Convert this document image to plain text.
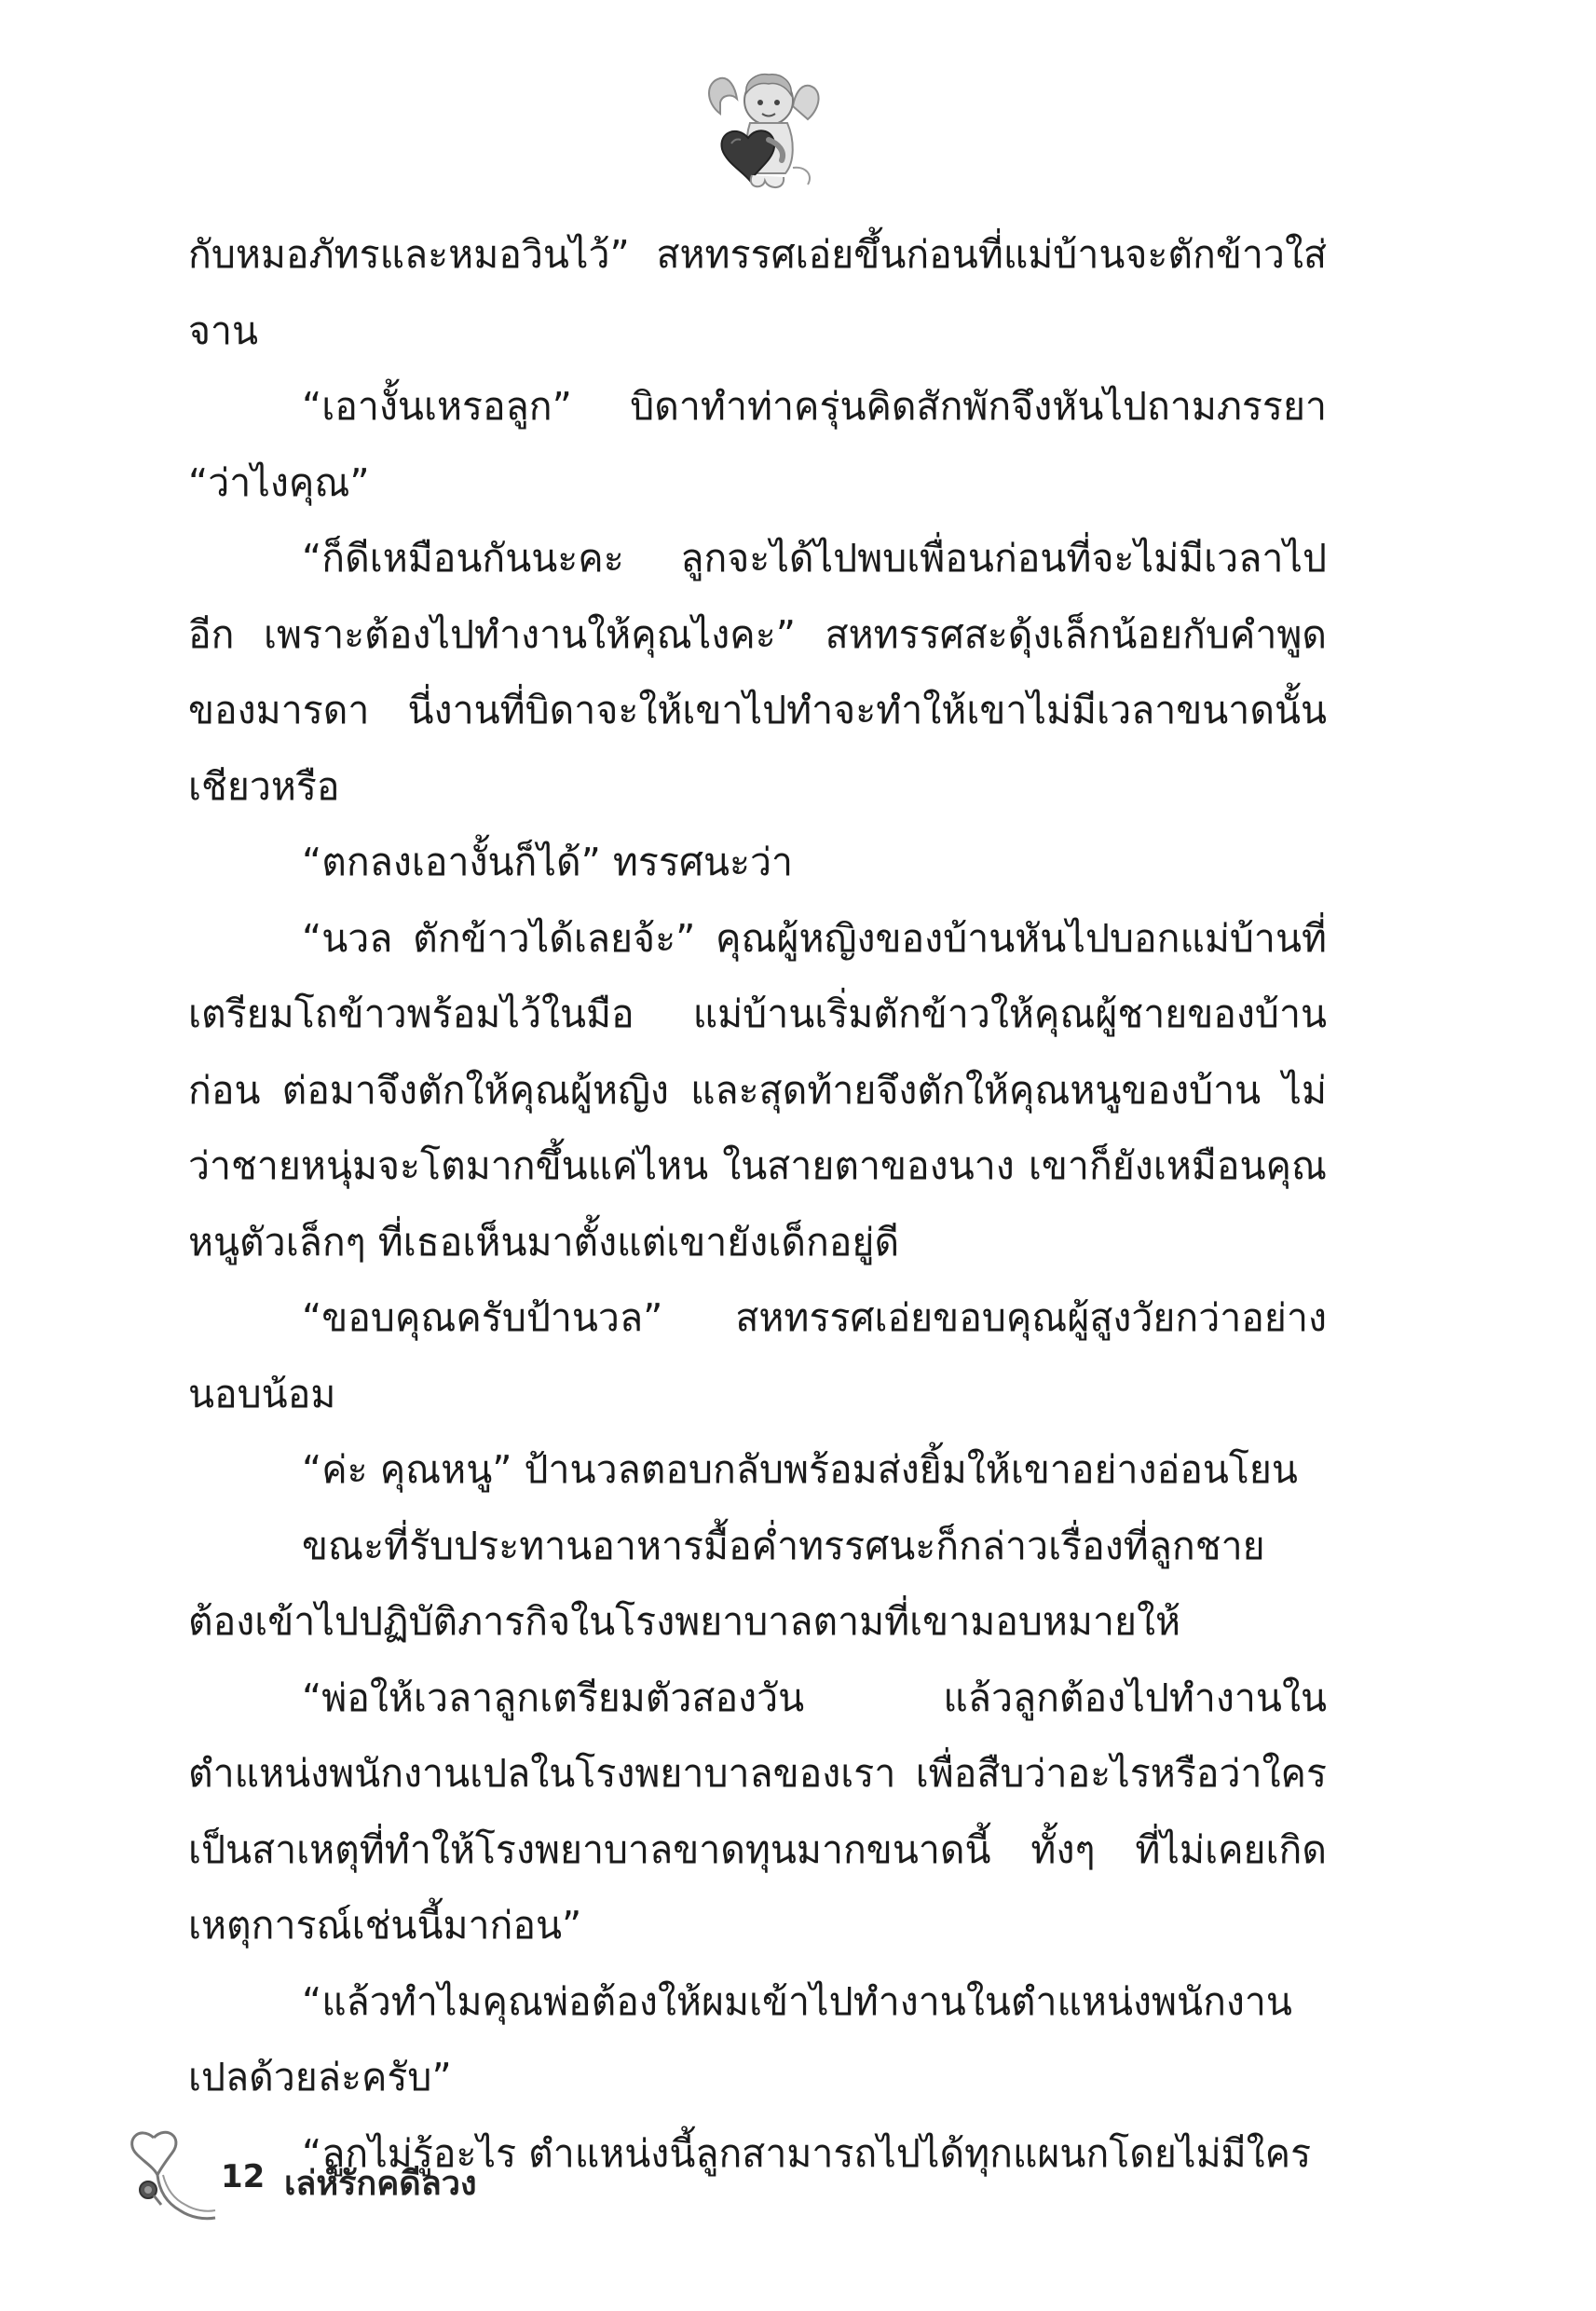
กับหมอภัทรและหมอวินไว้” สหทรรศเอ่ยขึ้นก่อนที่แม่บ้านจะตักข้าวใส่จาน

“เอางั้นเหรอลูก” บิดาทำท่าครุ่นคิดสักพักจึงหันไปถามภรรยา “ว่าไงคุณ”

“ก็ดีเหมือนกันนะคะ ลูกจะได้ไปพบเพื่อนก่อนที่จะไม่มีเวลาไปอีก เพราะต้องไปทำงานให้คุณไงคะ” สหทรรศสะดุ้งเล็กน้อยกับคำพูดของมารดา นี่งานที่บิดาจะให้เขาไปทำจะทำให้เขาไม่มีเวลาขนาดนั้นเชียวหรือ

“ตกลงเอางั้นก็ได้” ทรรศนะว่า

“นวล ตักข้าวได้เลยจ้ะ” คุณผู้หญิงของบ้านหันไปบอกแม่บ้านที่เตรียมโถข้าวพร้อมไว้ในมือ แม่บ้านเริ่มตักข้าวให้คุณผู้ชายของบ้านก่อน ต่อมาจึงตักให้คุณผู้หญิง และสุดท้ายจึงตักให้คุณหนูของบ้าน ไม่ว่าชายหนุ่มจะโตมากขึ้นแค่ไหน ในสายตาของนาง เขาก็ยังเหมือนคุณหนูตัวเล็กๆ ที่เธอเห็นมาตั้งแต่เขายังเด็กอยู่ดี

“ขอบคุณครับป้านวล” สหทรรศเอ่ยขอบคุณผู้สูงวัยกว่าอย่างนอบน้อม

“ค่ะ คุณหนู” ป้านวลตอบกลับพร้อมส่งยิ้มให้เขาอย่างอ่อนโยน

ขณะที่รับประทานอาหารมื้อค่ำทรรศนะก็กล่าวเรื่องที่ลูกชายต้องเข้าไปปฏิบัติภารกิจในโรงพยาบาลตามที่เขามอบหมายให้

“พ่อให้เวลาลูกเตรียมตัวสองวัน แล้วลูกต้องไปทำงานในตำแหน่งพนักงานเปลในโรงพยาบาลของเรา เพื่อสืบว่าอะไรหรือว่าใครเป็นสาเหตุที่ทำให้โรงพยาบาลขาดทุนมากขนาดนี้ ทั้งๆ ที่ไม่เคยเกิดเหตุการณ์เช่นนี้มาก่อน”

“แล้วทำไมคุณพ่อต้องให้ผมเข้าไปทำงานในตำแหน่งพนักงานเปลด้วยล่ะครับ”

“ลูกไม่รู้อะไร ตำแหน่งนี้ลูกสามารถไปได้ทุกแผนกโดยไม่มีใคร

12 เล่ห์รักคดีลวง
